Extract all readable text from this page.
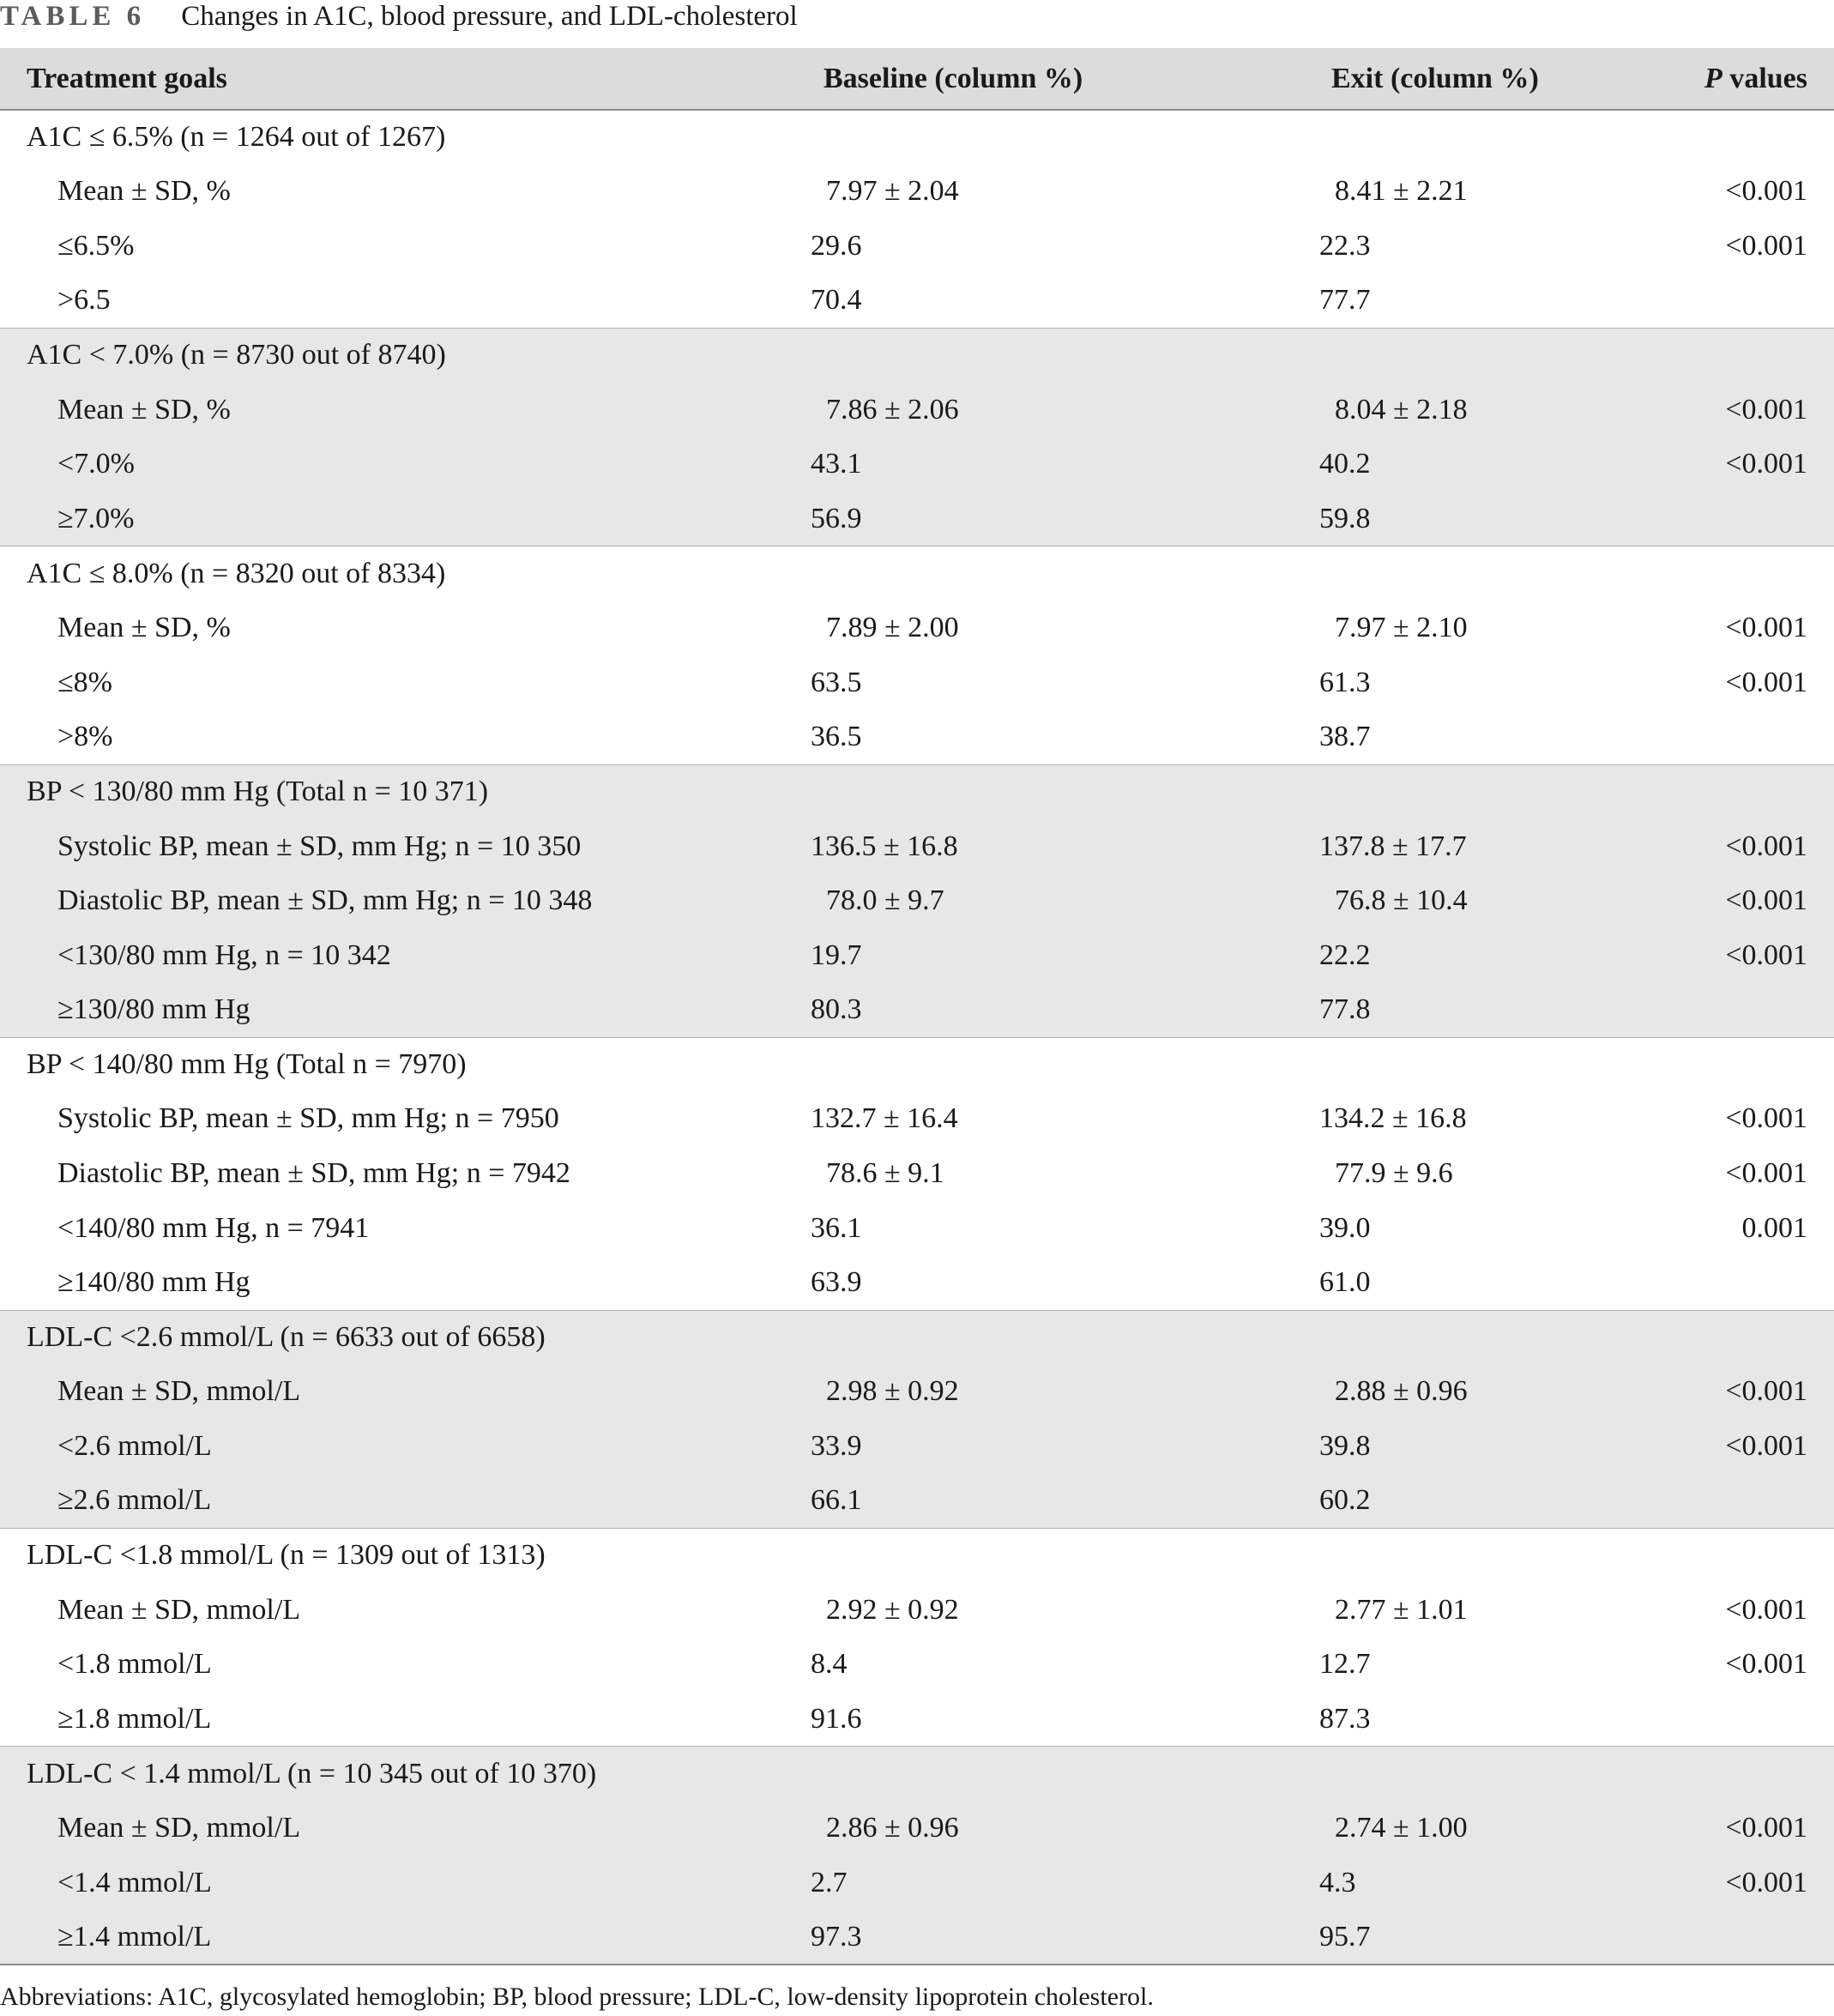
TABLE 6 Changes in A1C, blood pressure, and LDL-cholesterol
Treatment goals	Baseline (column %)	Exit (column %)	P values
A1C ≤ 6.5% (n = 1264 out of 1267)			
Mean ± SD, %	7.97 ± 2.04	8.41 ± 2.21	<0.001
≤6.5%	29.6	22.3	<0.001
>6.5	70.4	77.7	
A1C < 7.0% (n = 8730 out of 8740)			
Mean ± SD, %	7.86 ± 2.06	8.04 ± 2.18	<0.001
<7.0%	43.1	40.2	<0.001
≥7.0%	56.9	59.8	
A1C ≤ 8.0% (n = 8320 out of 8334)			
Mean ± SD, %	7.89 ± 2.00	7.97 ± 2.10	<0.001
≤8%	63.5	61.3	<0.001
>8%	36.5	38.7	
BP < 130/80 mm Hg (Total n = 10 371)			
Systolic BP, mean ± SD, mm Hg; n = 10 350	136.5 ± 16.8	137.8 ± 17.7	<0.001
Diastolic BP, mean ± SD, mm Hg; n = 10 348	78.0 ± 9.7	76.8 ± 10.4	<0.001
<130/80 mm Hg, n = 10 342	19.7	22.2	<0.001
≥130/80 mm Hg	80.3	77.8	
BP < 140/80 mm Hg (Total n = 7970)			
Systolic BP, mean ± SD, mm Hg; n = 7950	132.7 ± 16.4	134.2 ± 16.8	<0.001
Diastolic BP, mean ± SD, mm Hg; n = 7942	78.6 ± 9.1	77.9 ± 9.6	<0.001
<140/80 mm Hg, n = 7941	36.1	39.0	0.001
≥140/80 mm Hg	63.9	61.0	
LDL-C <2.6 mmol/L (n = 6633 out of 6658)			
Mean ± SD, mmol/L	2.98 ± 0.92	2.88 ± 0.96	<0.001
<2.6 mmol/L	33.9	39.8	<0.001
≥2.6 mmol/L	66.1	60.2	
LDL-C <1.8 mmol/L (n = 1309 out of 1313)			
Mean ± SD, mmol/L	2.92 ± 0.92	2.77 ± 1.01	<0.001
<1.8 mmol/L	8.4	12.7	<0.001
≥1.8 mmol/L	91.6	87.3	
LDL-C < 1.4 mmol/L (n = 10 345 out of 10 370)			
Mean ± SD, mmol/L	2.86 ± 0.96	2.74 ± 1.00	<0.001
<1.4 mmol/L	2.7	4.3	<0.001
≥1.4 mmol/L	97.3	95.7	
Abbreviations: A1C, glycosylated hemoglobin; BP, blood pressure; LDL-C, low-density lipoprotein cholesterol.
